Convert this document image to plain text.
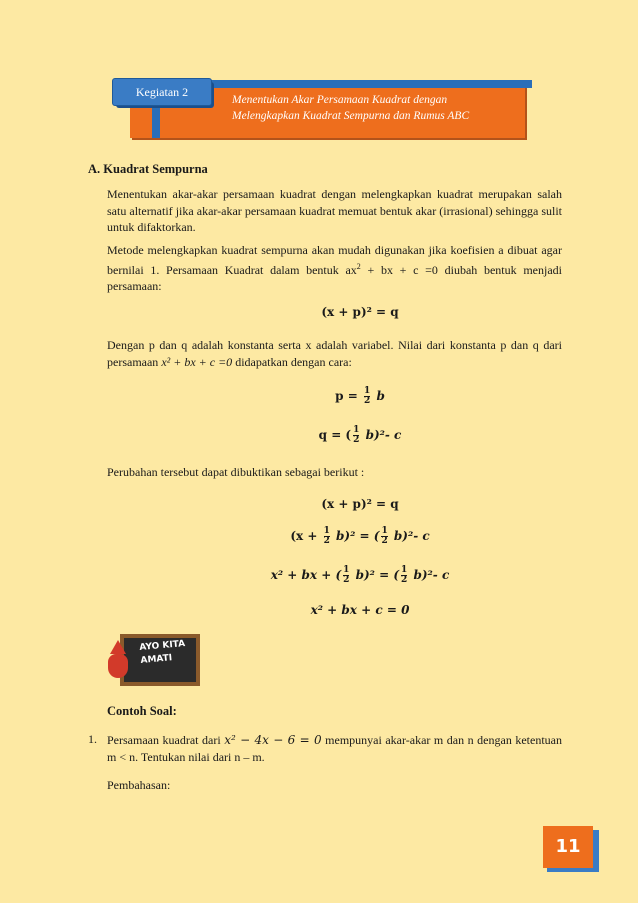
Kegiatan 2
Menentukan Akar Persamaan Kuadrat dengan
Melengkapkan Kuadrat Sempurna dan Rumus ABC
A. Kuadrat Sempurna
Menentukan akar-akar persamaan kuadrat dengan melengkapkan kuadrat merupakan salah satu alternatif jika akar-akar persamaan kuadrat memuat bentuk akar (irrasional) sehingga sulit untuk difaktorkan.
Metode melengkapkan kuadrat sempurna akan mudah digunakan jika koefisien a dibuat agar bernilai 1. Persamaan Kuadrat dalam bentuk $ax^2$ + bx + c =0 diubah bentuk menjadi persamaan:
(x + p)² = q
Dengan p dan q adalah konstanta serta x adalah variabel. Nilai dari konstanta p dan q dari persamaan x² + bx + c =0 didapatkan dengan cara:
$p = \frac{1}{2}$ b
q = ( $\frac{1}{2} b)^2-$ c
Perubahan tersebut dapat dibuktikan sebagai berikut :
(x + p)² = q
$(x + \frac{1}{2} b)^2$ = ( $\frac{1}{2} b)^2-$ c
x² + bx + ( $\frac{1}{2} b)^2$ = ( $\frac{1}{2} b)^2-$ c
x² + bx + c = 0
AYO KITA
AMATI
Contoh Soal:
1. Persamaan kuadrat dari x² − 4x − 6 = 0 mempunyai akar-akar m dan n dengan ketentuan m < n. Tentukan nilai dari n – m.
Pembahasan:
11
